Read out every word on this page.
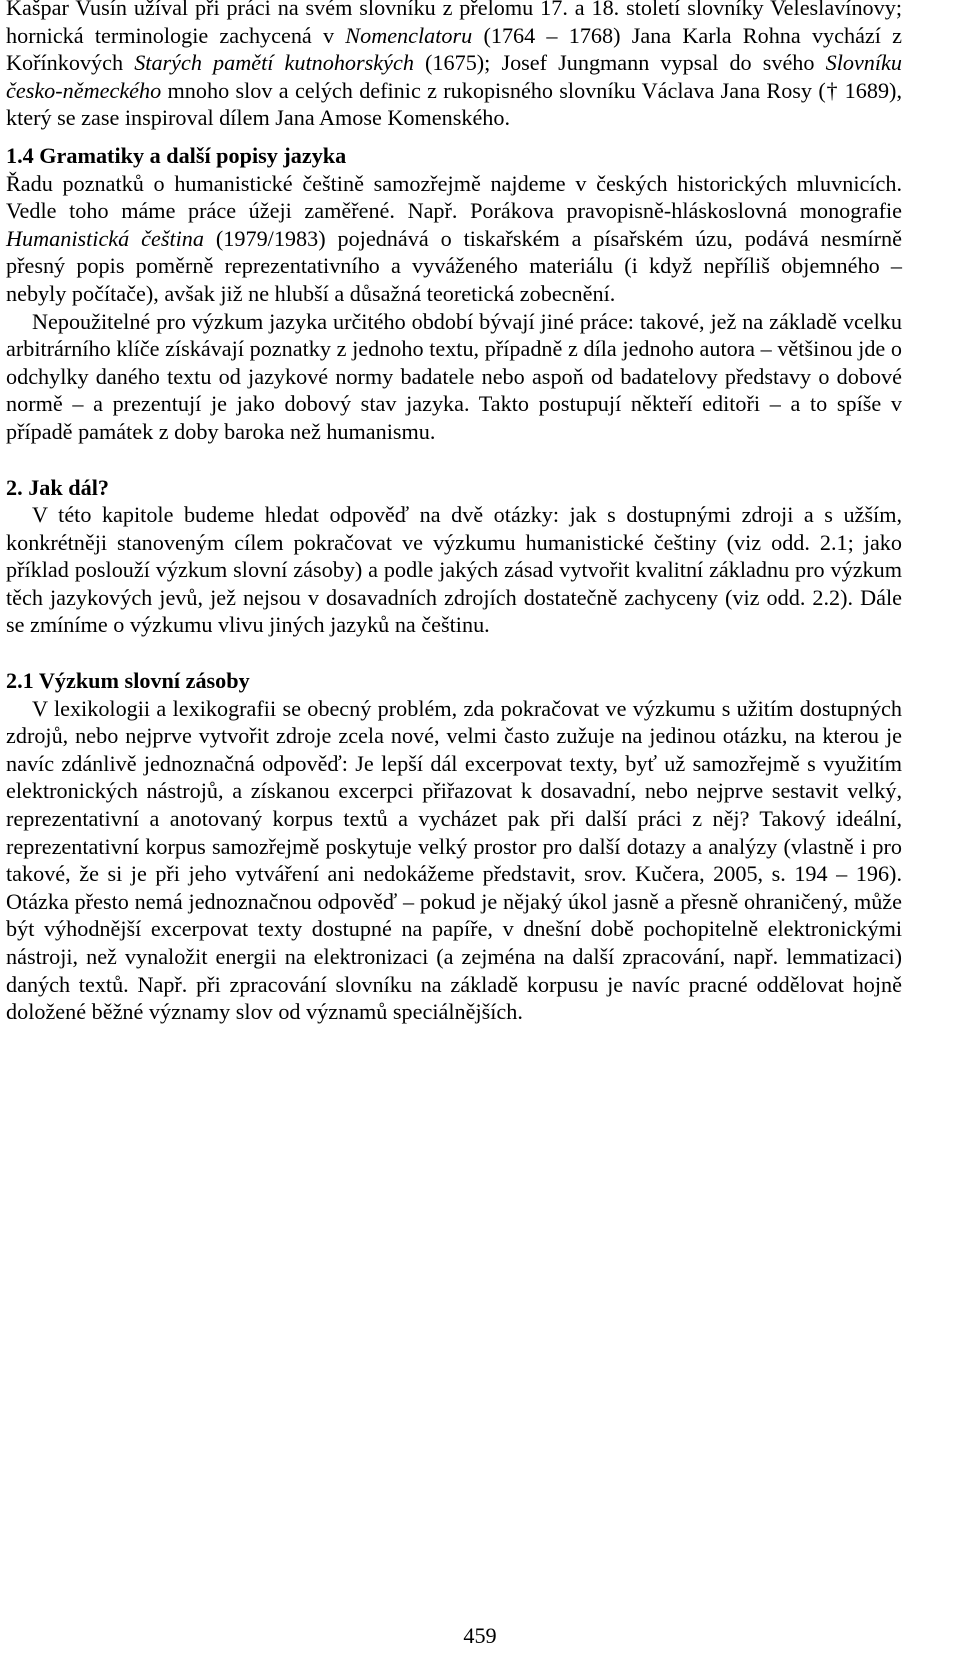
Kašpar Vusín užíval při práci na svém slovníku z přelomu 17. a 18. století slovníky Veleslavínovy; hornická terminologie zachycená v Nomenclatoru (1764 – 1768) Jana Karla Rohna vychází z Kořínkových Starých pamětí kutnohorských (1675); Josef Jungmann vypsal do svého Slovníku česko-německého mnoho slov a celých definic z rukopisného slovníku Václava Jana Rosy († 1689), který se zase inspiroval dílem Jana Amose Komenského.

1.4 Gramatiky a další popisy jazyka

Řadu poznatků o humanistické češtině samozřejmě najdeme v českých historických mluvnicích. Vedle toho máme práce úžeji zaměřené. Např. Porákova pravopisně-hláskoslovná monografie Humanistická čeština (1979/1983) pojednává o tiskařském a písařském úzu, podává nesmírně přesný popis poměrně reprezentativního a vyváženého materiálu (i když nepříliš objemného – nebyly počítače), avšak již ne hlubší a důsažná teoretická zobecnění.

Nepoužitelné pro výzkum jazyka určitého období bývají jiné práce: takové, jež na základě vcelku arbitrárního klíče získávají poznatky z jednoho textu, případně z díla jednoho autora – většinou jde o odchylky daného textu od jazykové normy badatele nebo aspoň od badatelovy představy o dobové normě – a prezentují je jako dobový stav jazyka. Takto postupují někteří editoři – a to spíše v případě památek z doby baroka než humanismu.

2. Jak dál?

V této kapitole budeme hledat odpověď na dvě otázky: jak s dostupnými zdroji a s užším, konkrétněji stanoveným cílem pokračovat ve výzkumu humanistické češtiny (viz odd. 2.1; jako příklad poslouží výzkum slovní zásoby) a podle jakých zásad vytvořit kvalitní základnu pro výzkum těch jazykových jevů, jež nejsou v dosavadních zdrojích dostatečně zachyceny (viz odd. 2.2). Dále se zmíníme o výzkumu vlivu jiných jazyků na češtinu.

2.1 Výzkum slovní zásoby

V lexikologii a lexikografii se obecný problém, zda pokračovat ve výzkumu s užitím dostupných zdrojů, nebo nejprve vytvořit zdroje zcela nové, velmi často zužuje na jedinou otázku, na kterou je navíc zdánlivě jednoznačná odpověď: Je lepší dál excerpovat texty, byť už samozřejmě s využitím elektronických nástrojů, a získanou excerpci přiřazovat k dosavadní, nebo nejprve sestavit velký, reprezentativní a anotovaný korpus textů a vycházet pak při další práci z něj? Takový ideální, reprezentativní korpus samozřejmě poskytuje velký prostor pro další dotazy a analýzy (vlastně i pro takové, že si je při jeho vytváření ani nedokážeme představit, srov. Kučera, 2005, s. 194 – 196). Otázka přesto nemá jednoznačnou odpověď – pokud je nějaký úkol jasně a přesně ohraničený, může být výhodnější excerpovat texty dostupné na papíře, v dnešní době pochopitelně elektronickými nástroji, než vynaložit energii na elektronizaci (a zejména na další zpracování, např. lemmatizaci) daných textů. Např. při zpracování slovníku na základě korpusu je navíc pracné oddělovat hojně doložené běžné významy slov od významů speciálnějších.

459
